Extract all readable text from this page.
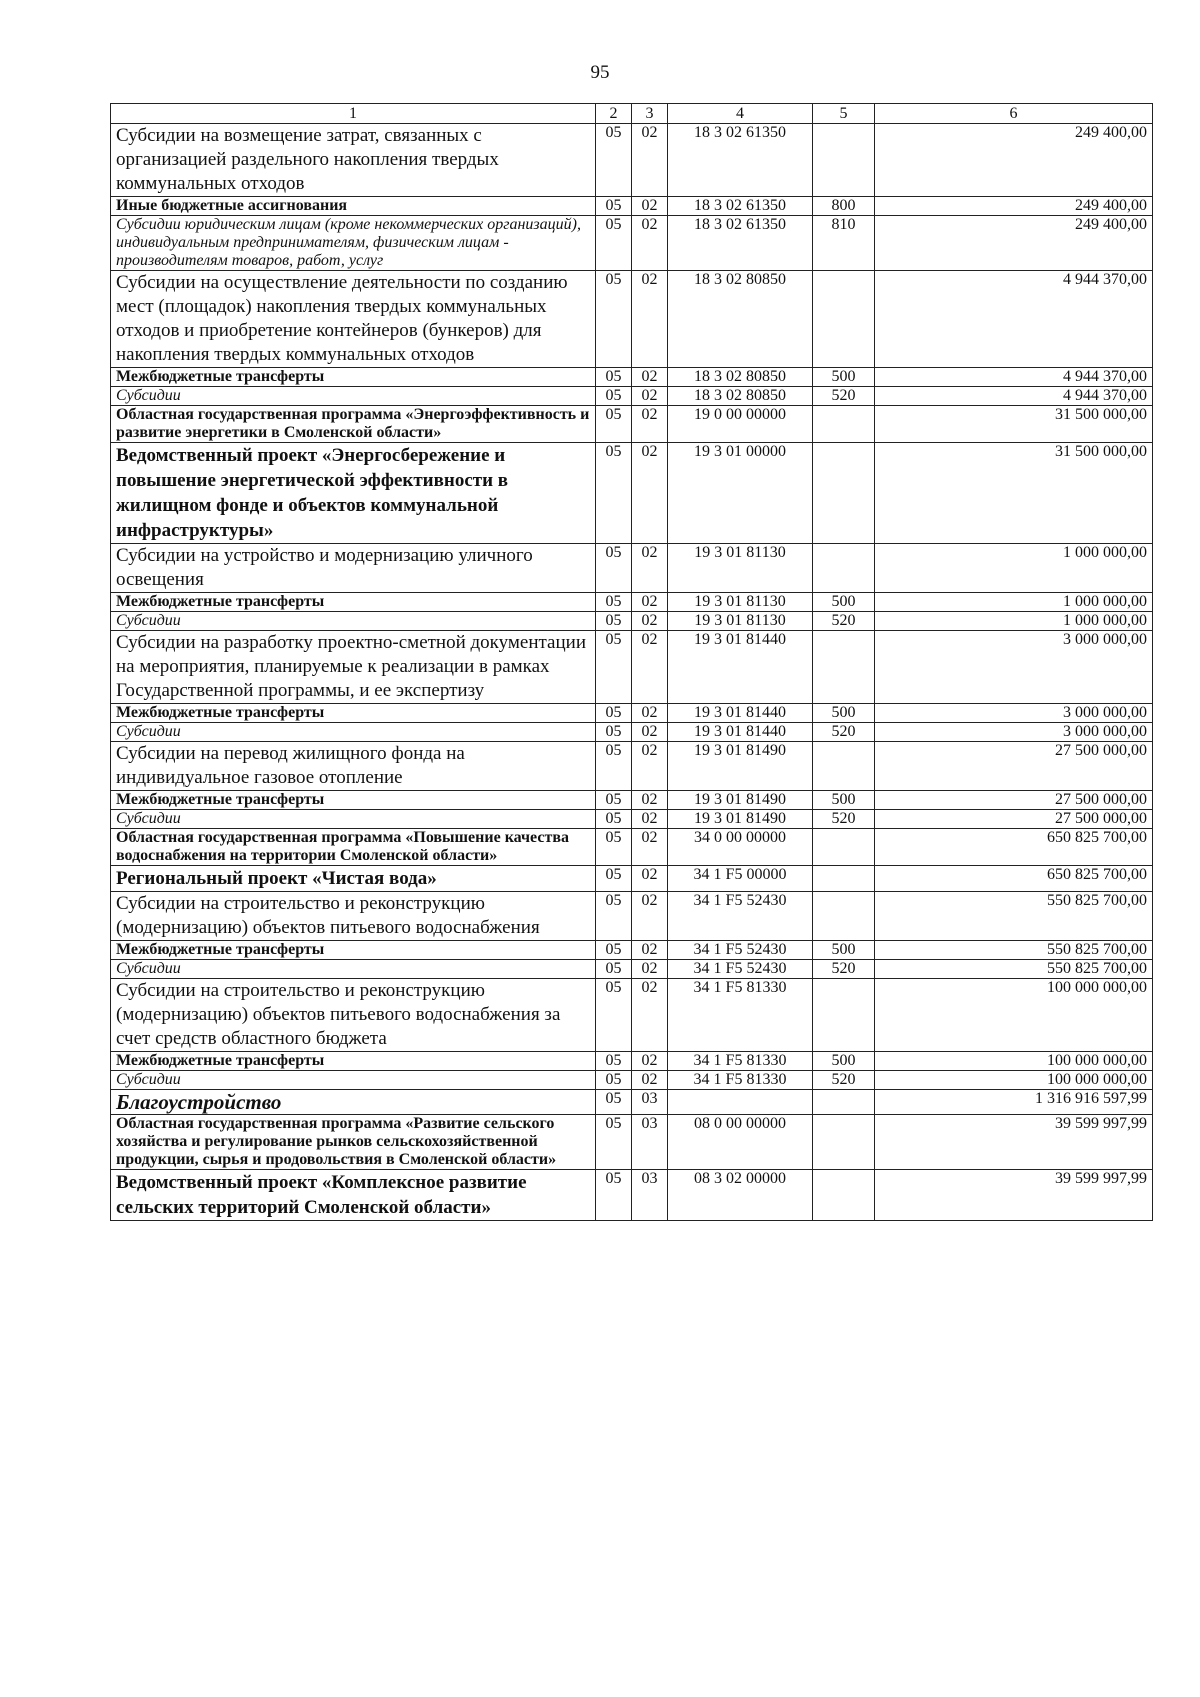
95
1	2	3	4	5	6
Субсидии на возмещение затрат, связанных с организацией раздельного накопления твердых коммунальных отходов	05	02	18 3 02 61350		249 400,00
Иные бюджетные ассигнования	05	02	18 3 02 61350	800	249 400,00
Субсидии юридическим лицам (кроме некоммерческих организаций), индивидуальным предпринимателям, физическим лицам - производителям товаров, работ, услуг	05	02	18 3 02 61350	810	249 400,00
Субсидии на осуществление деятельности по созданию мест (площадок) накопления твердых коммунальных отходов и приобретение контейнеров (бункеров) для накопления твердых коммунальных отходов	05	02	18 3 02 80850		4 944 370,00
Межбюджетные трансферты	05	02	18 3 02 80850	500	4 944 370,00
Субсидии	05	02	18 3 02 80850	520	4 944 370,00
Областная государственная программа «Энергоэффективность и развитие энергетики в Смоленской области»	05	02	19 0 00 00000		31 500 000,00
Ведомственный проект «Энергосбережение и повышение энергетической эффективности в жилищном фонде и объектов коммунальной инфраструктуры»	05	02	19 3 01 00000		31 500 000,00
Субсидии на устройство и модернизацию уличного освещения	05	02	19 3 01 81130		1 000 000,00
Межбюджетные трансферты	05	02	19 3 01 81130	500	1 000 000,00
Субсидии	05	02	19 3 01 81130	520	1 000 000,00
Субсидии на разработку проектно-сметной документации на мероприятия, планируемые к реализации в рамках Государственной программы, и ее экспертизу	05	02	19 3 01 81440		3 000 000,00
Межбюджетные трансферты	05	02	19 3 01 81440	500	3 000 000,00
Субсидии	05	02	19 3 01 81440	520	3 000 000,00
Субсидии на перевод жилищного фонда на индивидуальное газовое отопление	05	02	19 3 01 81490		27 500 000,00
Межбюджетные трансферты	05	02	19 3 01 81490	500	27 500 000,00
Субсидии	05	02	19 3 01 81490	520	27 500 000,00
Областная государственная программа «Повышение качества водоснабжения на территории Смоленской области»	05	02	34 0 00 00000		650 825 700,00
Региональный проект «Чистая вода»	05	02	34 1 F5 00000		650 825 700,00
Субсидии на строительство и реконструкцию (модернизацию) объектов питьевого водоснабжения	05	02	34 1 F5 52430		550 825 700,00
Межбюджетные трансферты	05	02	34 1 F5 52430	500	550 825 700,00
Субсидии	05	02	34 1 F5 52430	520	550 825 700,00
Субсидии на строительство и реконструкцию (модернизацию) объектов питьевого водоснабжения за счет средств областного бюджета	05	02	34 1 F5 81330		100 000 000,00
Межбюджетные трансферты	05	02	34 1 F5 81330	500	100 000 000,00
Субсидии	05	02	34 1 F5 81330	520	100 000 000,00
Благоустройство	05	03			1 316 916 597,99
Областная государственная программа «Развитие сельского хозяйства и регулирование рынков сельскохозяйственной продукции, сырья и продовольствия в Смоленской области»	05	03	08 0 00 00000		39 599 997,99
Ведомственный проект «Комплексное развитие сельских территорий Смоленской области»	05	03	08 3 02 00000		39 599 997,99
